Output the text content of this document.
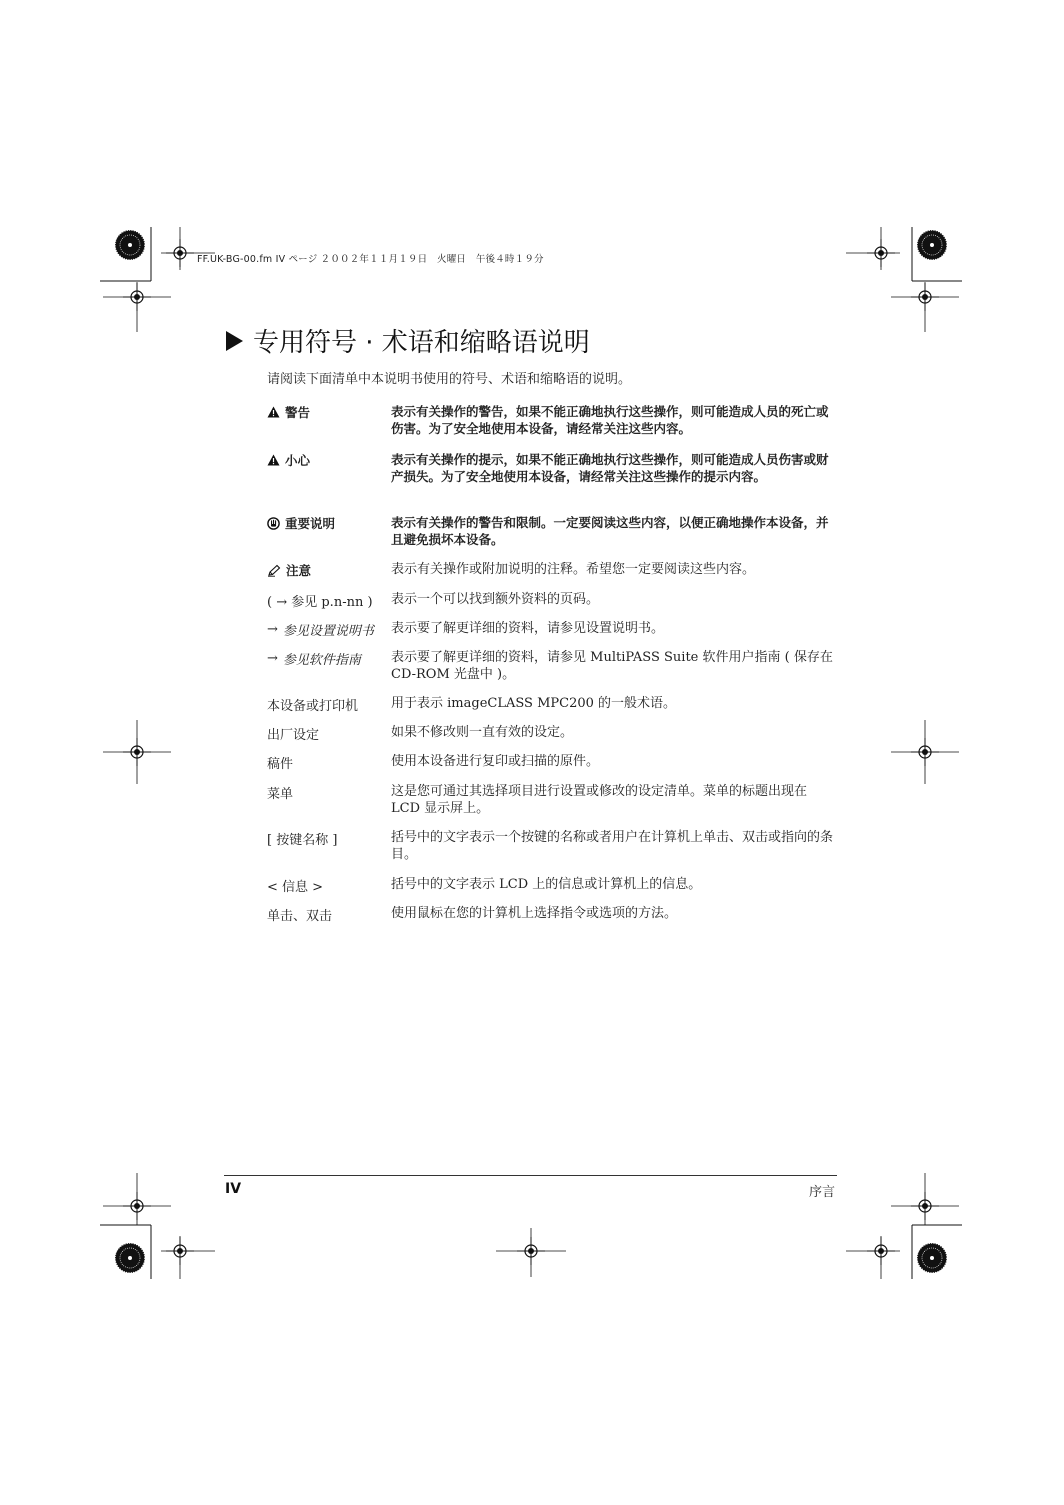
FF.UK-BG-00.fm IV ページ ２００２年１１月１９日　火曜日　午後４時１９分
专用符号 · 术语和缩略语说明
请阅读下面清单中本说明书使用的符号、术语和缩略语的说明。
警告	表示有关操作的警告，如果不能正确地执行这些操作，则可能造成人员的死亡或伤害。为了安全地使用本设备，请经常关注这些内容。
小心	表示有关操作的提示，如果不能正确地执行这些操作，则可能造成人员伤害或财产损失。为了安全地使用本设备，请经常关注这些操作的提示内容。
重要说明	表示有关操作的警告和限制。一定要阅读这些内容，以便正确地操作本设备，并且避免损坏本设备。
注意	表示有关操作或附加说明的注释。希望您一定要阅读这些内容。
( → 参见 p.n-nn ) 表示一个可以找到额外资料的页码。
→ 参见设置说明书 表示要了解更详细的资料，请参见设置说明书。
→ 参见软件指南 表示要了解更详细的资料，请参见 MultiPASS Suite 软件用户指南 ( 保存在 CD-ROM 光盘中 )。
本设备或打印机	用于表示 imageCLASS MPC200 的一般术语。
出厂设定	如果不修改则一直有效的设定。
稿件	使用本设备进行复印或扫描的原件。
菜单	这是您可通过其选择项目进行设置或修改的设定清单。菜单的标题出现在 LCD 显示屏上。
[ 按键名称 ]	括号中的文字表示一个按键的名称或者用户在计算机上单击、双击或指向的条目。
< 信息 >	括号中的文字表示 LCD 上的信息或计算机上的信息。
单击、双击	使用鼠标在您的计算机上选择指令或选项的方法。
IV	序言
